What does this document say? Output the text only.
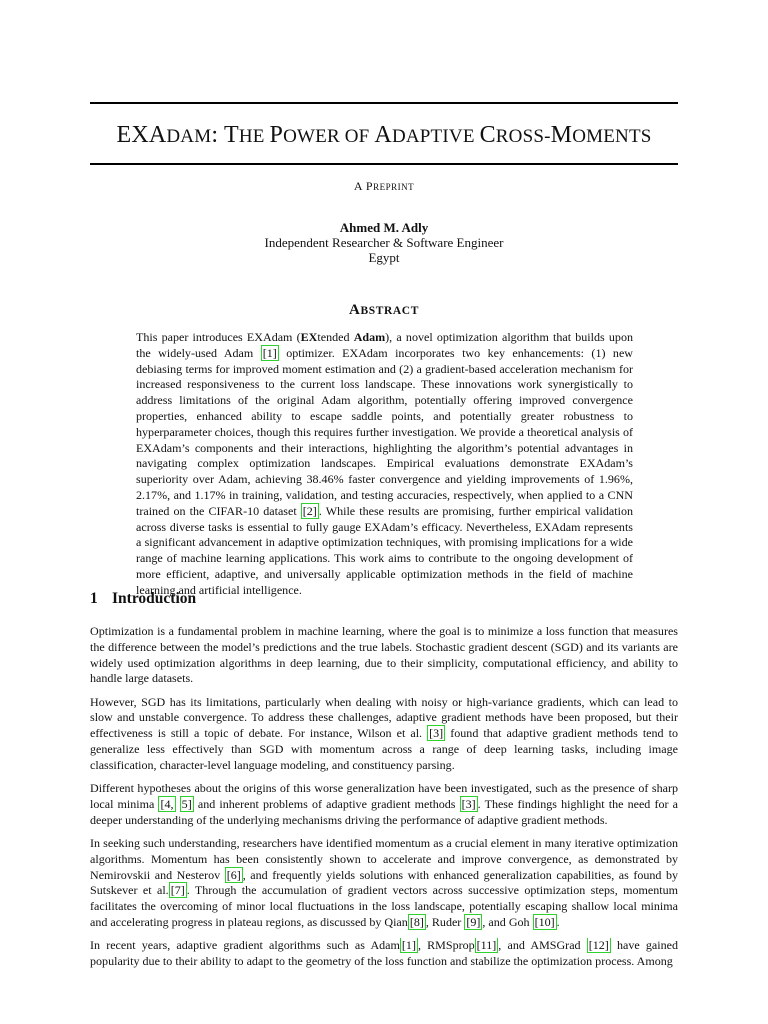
EXADAM: THE POWER OF ADAPTIVE CROSS-MOMENTS
A PREPRINT
Ahmed M. Adly
Independent Researcher & Software Engineer
Egypt
ABSTRACT
This paper introduces EXAdam (EXtended Adam), a novel optimization algorithm that builds upon the widely-used Adam [1] optimizer. EXAdam incorporates two key enhancements: (1) new debiasing terms for improved moment estimation and (2) a gradient-based acceleration mechanism for increased responsiveness to the current loss landscape. These innovations work synergistically to address limitations of the original Adam algorithm, potentially offering improved convergence properties, enhanced ability to escape saddle points, and potentially greater robustness to hyperparameter choices, though this requires further investigation. We provide a theoretical analysis of EXAdam’s components and their interactions, highlighting the algorithm’s potential advantages in navigating complex optimization landscapes. Empirical evaluations demonstrate EXAdam’s superiority over Adam, achieving 38.46% faster convergence and yielding improvements of 1.96%, 2.17%, and 1.17% in training, validation, and testing accuracies, respectively, when applied to a CNN trained on the CIFAR-10 dataset [2] . While these results are promising, further empirical validation across diverse tasks is essential to fully gauge EXAdam’s efficacy. Nevertheless, EXAdam represents a significant advancement in adaptive optimization techniques, with promising implications for a wide range of machine learning applications. This work aims to contribute to the ongoing development of more efficient, adaptive, and universally applicable optimization methods in the field of machine learning and artificial intelligence.
1 Introduction

Optimization is a fundamental problem in machine learning, where the goal is to minimize a loss function that measures the difference between the model’s predictions and the true labels. Stochastic gradient descent (SGD) and its variants are widely used optimization algorithms in deep learning, due to their simplicity, computational efficiency, and ability to handle large datasets.

However, SGD has its limitations, particularly when dealing with noisy or high-variance gradients, which can lead to slow and unstable convergence. To address these challenges, adaptive gradient methods have been proposed, but their effectiveness is still a topic of debate. For instance, Wilson et al. [3] found that adaptive gradient methods tend to generalize less effectively than SGD with momentum across a range of deep learning tasks, including image classification, character-level language modeling, and constituency parsing.

Different hypotheses about the origins of this worse generalization have been investigated, such as the presence of sharp local minima [4, 5] and inherent problems of adaptive gradient methods [3] . These findings highlight the need for a deeper understanding of the underlying mechanisms driving the performance of adaptive gradient methods.

In seeking such understanding, researchers have identified momentum as a crucial element in many iterative optimization algorithms. Momentum has been consistently shown to accelerate and improve convergence, as demonstrated by Nemirovskii and Nesterov [6] , and frequently yields solutions with enhanced generalization capabilities, as found by Sutskever et al. [7] . Through the accumulation of gradient vectors across successive optimization steps, momentum facilitates the overcoming of minor local fluctuations in the loss landscape, potentially escaping shallow local minima and accelerating progress in plateau regions, as discussed by Qian [8] , Ruder [9] , and Goh [10] .

In recent years, adaptive gradient algorithms such as Adam [1] , RMSprop [11] , and AMSGrad [12] have gained popularity due to their ability to adapt to the geometry of the loss function and stabilize the optimization process. Among
